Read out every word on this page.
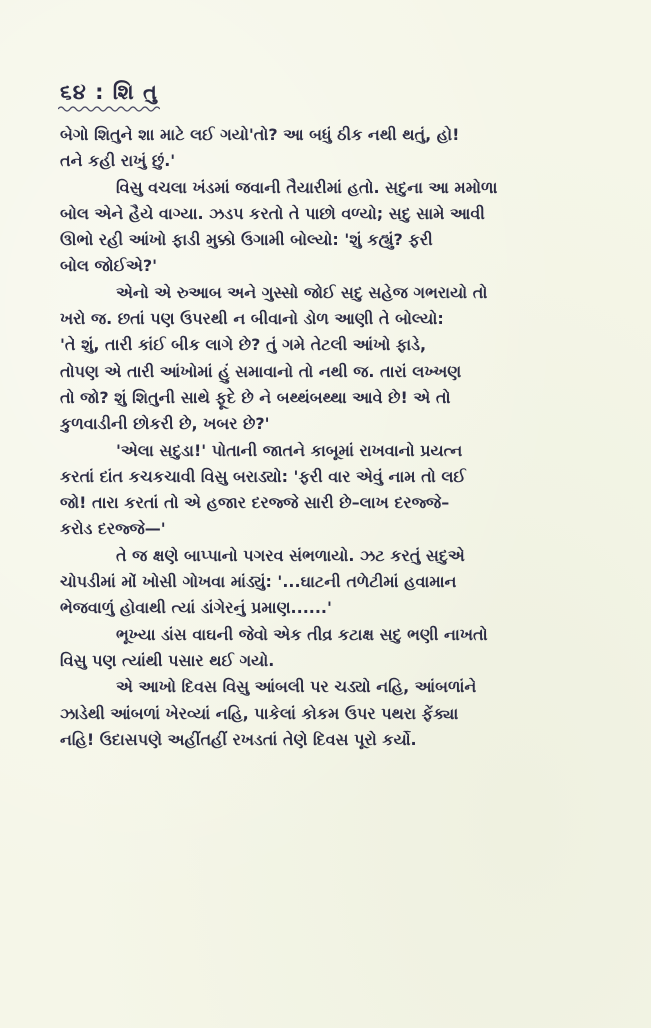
૬૪ : શિ તુ
બેગો શિતુને શા માટે લઈ ગયો'તો? આ બધું ઠીક નથી થતું, હો!
તને કહી રાખું છું.'
વિસુ વચલા ખંડમાં જવાની તૈયારીમાં હતો. સદુના આ મમોળા
બોલ એને હૈયે વાગ્યા. ઝડપ કરતો તે પાછો વળ્યો; સદુ સામે આવી
ઊભો રહી આંખો ફાડી મુક્કો ઉગામી બોલ્યો: 'શું કહ્યું? ફરી
બોલ જોઈએ?'
એનો એ રુઆબ અને ગુસ્સો જોઈ સદુ સહેજ ગભરાયો તો
ખરો જ. છતાં પણ ઉપરથી ન બીવાનો ડોળ આણી તે બોલ્યો:
'તે શું, તારી કાંઈ બીક લાગે છે? તું ગમે તેટલી આંખો ફાડે,
તોપણ એ તારી આંખોમાં હું સમાવાનો તો નથી જ. તારાં લખ્ખણ
તો જો? શું શિતુની સાથે ફૂદે છે ને બથ્થંબથ્થા આવે છે! એ તો
કુળવાડીની છોકરી છે, ખબર છે?'
'એલા સદુડા!' પોતાની જાતને કાબૂમાં રાખવાનો પ્રયત્ન
કરતાં દાંત કચકચાવી વિસુ બરાડ્યો: 'ફરી વાર એવું નામ તો લઈ
જો! તારા કરતાં તો એ હજાર દરજ્જે સારી છે–લાખ દરજ્જે–
કરોડ દરજ્જે—'
તે જ ક્ષણે બાપ્પાનો પગરવ સંભળાયો. ઝટ કરતું સદુએ
ચોપડીમાં મોં ખોસી ગોખવા માંડ્યું: '...ઘાટની તળેટીમાં હવામાન
ભેજવાળું હોવાથી ત્યાં ડાંગેરનું પ્રમાણ......'
ભૂખ્યા ડાંસ વાઘની જેવો એક તીવ્ર કટાક્ષ સદુ ભણી નાખતો
વિસુ પણ ત્યાંથી પસાર થઈ ગયો.
એ આખો દિવસ વિસુ આંબલી પર ચડ્યો નહિ, આંબળાંને
ઝાડેથી આંબળાં ખેરવ્યાં નહિ, પાકેલાં કોકમ ઉપર પથરા ફેંક્યા
નહિ! ઉદાસપણે અહીંતહીં રખડતાં તેણે દિવસ પૂરો કર્યો.
